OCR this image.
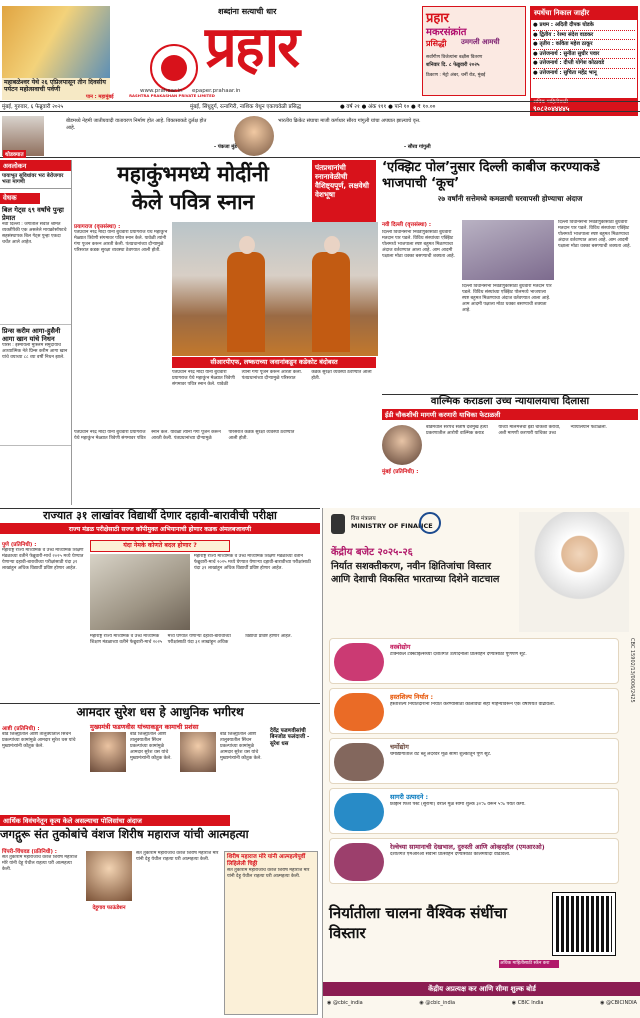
महाबळेश्वर येथे २६ एप्रिलपासून तीन दिवसीय पर्यटन महोत्सवाची पर्वणी
पान : महामुंबई
शब्दांना सत्याची धार
प्रहार
RASHTRA PRAKASHAN PRIVATE LIMITED
www.prahaar.in epaper.prahaar.in
प्रहार
मकरसंक्रांत
प्रसिद्धी उमगली आमची
सर्वांगीण विजेत्यांना बक्षीस वितरण
शनिवार दि. ८ फेब्रुवारी २०२५
ठिकाण : मेट्रो अंबर, चर्नी रोड, मुंबई
स्पर्धेचा निकाल जाहीर
● प्रथम : अदिती दीपक घोडके
● द्वितीय : रेश्मा संदेश वाडकर
● तृतीय : कविता महेश ठाकूर
● उत्तेजनार्थ : सुनीता सुधीर पवार
● उत्तेजनार्थ : दीप्ती योगेश कोठावडे
● उत्तेजनार्थ : सुचिता महेंद्र भानू
अधिक माहितीसाठी
९०८२०४४४४५
मुंबई, गुरुवार, ६ फेब्रुवारी २०२५	मुंबई, सिंधुदुर्ग, रत्नागिरी, नाशिक येथून एकाचवेळी प्रसिद्ध	● वर्ष २१ ● अंक १११ ● पाने १० ● ₹ १०.००
थोडक्यात
बीडमध्ये नेहमी जातीयवादी वातावरण निर्माण होत आहे. विकासाकडे दुर्लक्ष होत आहे.
- पंकजा मुंडे
भारतीय क्रिकेट संघाचा माजी कर्णधार सौरव गांगुली यांचा अपघात झाल्याचे वृत्त.
- सौरव गांगुली
अवलोकन
पायाभूत सुविधांवर भरः बेरोजगार भत्ता मागणी
वेधक
बिल गेट्स ६९ वर्षांचे पुन्हा प्रेमात
नवी दिल्ली : जगातील सर्वात श्रीमंत व्यक्तींपैकी एक असलेले मायक्रोसॉफ्टचे सहसंस्थापक बिल गेट्स पुन्हा एकदा चर्चेत आले आहेत.
प्रिन्स करीम आगा-हुसैनी आगा खान यांचे निधन
पॅरिस : इस्मायली मुस्लिम समुदायाचे आध्यात्मिक नेते प्रिन्स करीम आगा खान यांचे वयाच्या ८८ व्या वर्षी निधन झाले.
महाकुंभमध्ये मोदींनी
केले पवित्र स्नान
पंतप्रधानांची स्नानावेळीची वैशिष्ट्यपूर्ण, लक्षवेधी वेशभूषा
प्रयागराज (वृत्तसंस्था) :
पंतप्रधान नरेंद्र मोदी यांनी बुधवारी प्रयागराज येथे महाकुंभ मेळ्यात त्रिवेणी संगमावर पवित्र स्नान केले. यावेळी त्यांनी गंगा पूजन करून आरती केली. पंतप्रधानांच्या दौऱ्यामुळे परिसरात कडक सुरक्षा व्यवस्था ठेवण्यात आली होती.
सीआरपीएफ, लष्कराच्या जवानांकडून कडेकोट बंदोबस्त
पंतप्रधान नरेंद्र मोदी यांनी बुधवारी प्रयागराज येथे महाकुंभ मेळ्यात त्रिवेणी संगमावर पवित्र स्नान केले. यावेळी त्यांनी गंगा पूजन करून आरती केली. पंतप्रधानांच्या दौऱ्यामुळे परिसरात कडक सुरक्षा व्यवस्था ठेवण्यात आली होती.
पंतप्रधान नरेंद्र मोदी यांनी बुधवारी प्रयागराज येथे महाकुंभ मेळ्यात त्रिवेणी संगमावर पवित्र स्नान केले. यावेळी त्यांनी गंगा पूजन करून आरती केली. पंतप्रधानांच्या दौऱ्यामुळे परिसरात कडक सुरक्षा व्यवस्था ठेवण्यात आली होती.
‘एक्झिट पोल’नुसार दिल्ली काबीज करण्याकडे भाजपाची ‘कूच’
२७ वर्षांनी सत्तेमध्ये कमळाची घरवापसी होण्याचा अंदाज
नवी दिल्ली (वृत्तसंस्था) :
दिल्ली विधानसभा निवडणुकीसाठी बुधवारी मतदान पार पडले. विविध संस्थांच्या एक्झिट पोलमध्ये भाजपाला स्पष्ट बहुमत मिळण्याचा अंदाज वर्तवण्यात आला आहे. आम आदमी पक्षाला मोठा धक्का बसण्याची शक्यता आहे.
दिल्ली विधानसभा निवडणुकीसाठी बुधवारी मतदान पार पडले. विविध संस्थांच्या एक्झिट पोलमध्ये भाजपाला स्पष्ट बहुमत मिळण्याचा अंदाज वर्तवण्यात आला आहे. आम आदमी पक्षाला मोठा धक्का बसण्याची शक्यता आहे.
दिल्ली विधानसभा निवडणुकीसाठी बुधवारी मतदान पार पडले. विविध संस्थांच्या एक्झिट पोलमध्ये भाजपाला स्पष्ट बहुमत मिळण्याचा अंदाज वर्तवण्यात आला आहे. आम आदमी पक्षाला मोठा धक्का बसण्याची शक्यता आहे.
वाल्मिक कराडला उच्च न्यायालयाचा दिलासा
ईडी चौकशीची मागणी करणारी याचिका फेटाळली
मुंबई (प्रतिनिधी) :
बीडमधील सरपंच संतोष देशमुख हत्या प्रकरणातील आरोपी वाल्मिक कराड याच्या मालमत्तेची ईडी चौकशी करावी, अशी मागणी करणारी याचिका उच्च न्यायालयाने फेटाळली.
राज्यात ३१ लाखांवर विद्यार्थी देणार दहावी-बारावीची परीक्षा
राज्य मंडळ परीक्षेसाठी सज्ज कॉपीमुक्त अभियानाची होणार कडक अंमलबजावणी
पुणे (प्रतिनिधी) :
महाराष्ट्र राज्य माध्यमिक व उच्च माध्यमिक शिक्षण मंडळाच्या वतीने फेब्रुवारी-मार्च २०२५ मध्ये घेण्यात येणाऱ्या दहावी-बारावीच्या परीक्षांसाठी यंदा ३१ लाखांहून अधिक विद्यार्थी प्रविष्ट होणार आहेत.
यंदा नेमके कोणते बदल होणार ?
महाराष्ट्र राज्य माध्यमिक व उच्च माध्यमिक शिक्षण मंडळाच्या वतीने फेब्रुवारी-मार्च २०२५ मध्ये घेण्यात येणाऱ्या दहावी-बारावीच्या परीक्षांसाठी यंदा ३१ लाखांहून अधिक विद्यार्थी प्रविष्ट होणार आहेत.
महाराष्ट्र राज्य माध्यमिक व उच्च माध्यमिक शिक्षण मंडळाच्या वतीने फेब्रुवारी-मार्च २०२५ मध्ये घेण्यात येणाऱ्या दहावी-बारावीच्या परीक्षांसाठी यंदा ३१ लाखांहून अधिक विद्यार्थी प्रविष्ट होणार आहेत.
आमदार सुरेश धस हे आधुनिक भगीरथ
मुख्यमंत्री फडणवीस यांच्याकडून कामाची प्रशंसा
आष्टी (प्रतिनिधी) :
बीड जिल्ह्यातील आष्टी तालुक्यातील सिंचन प्रकल्पांच्या कामांमुळे आमदार सुरेश धस यांचे मुख्यमंत्र्यांनी कौतुक केले.
बीड जिल्ह्यातील आष्टी तालुक्यातील सिंचन प्रकल्पांच्या कामांमुळे आमदार सुरेश धस यांचे मुख्यमंत्र्यांनी कौतुक केले.
बीड जिल्ह्यातील आष्टी तालुक्यातील सिंचन प्रकल्पांच्या कामांमुळे आमदार सुरेश धस यांचे मुख्यमंत्र्यांनी कौतुक केले.
देवेंद्र फडणवीसांची बिनजोड फलंदाजी - सुरेश धस
आर्थिक विवंचनेतून कृत्य केले असल्याचा पोलिसांचा अंदाज
जगद्गुरू संत तुकोबांचे वंशज शिरीष महाराज यांची आत्महत्या
पिंपरी-चिंचवड (प्रतिनिधी) :
संत तुकाराम महाराजांचे वंशज शिरीष महाराज मोरे यांनी देहू येथील राहत्या घरी आत्महत्या केली.
देहूगाव फाऊंडेशन
संत तुकाराम महाराजांचे वंशज शिरीष महाराज मोरे यांनी देहू येथील राहत्या घरी आत्महत्या केली.	शिरीष महाराज मोरे यांनी आत्महत्येपूर्वी लिहिलेली चिठ्ठी
संत तुकाराम महाराजांचे वंशज शिरीष महाराज मोरे यांनी देहू येथील राहत्या घरी आत्महत्या केली.
वित्त मंत्रालय
MINISTRY OF FINANCE
केंद्रीय बजेट २०२५-२६
निर्यात सशक्तीकरण, नवीन क्षितिजांचा विस्तार आणि देशाची विकसित भारताच्या दिशेने वाटचाल
वस्त्रोद्योग
टेक्निकल टेक्स्टाइल्सच्या देशांतर्गत उत्पादनाला प्रोत्साहन देण्यासाठी पूर्णपणे सूट.
हस्तशिल्प निर्यात :
हस्तशिल्प निर्यातदारांना निर्यात करण्यासाठी कालावधी सहा महिन्यांवरून एक वर्षापर्यंत वाढविला.
चर्मोद्योग
चर्मोद्योगातील वेट ब्लू लेदरवर मूळ सीमा शुल्कातून पूर्ण सूट.
सागरी उत्पादने :
फ्रोझन फिश पेस्ट (सुरीमी) वरील मूळ सीमा शुल्क ३०% वरून ५% पर्यंत कमी.
रेल्वेच्या सामानाची देखभाल, दुरुस्ती आणि ओव्हरहॉल (एमआरओ)
देशांतर्गत एमआरओ सेवांना प्रोत्साहन देण्यासाठी कालमर्यादा वाढविली.
निर्यातीला चालना वैश्विक संधींचा विस्तार
अधिक माहितीसाठी स्कॅन करा
केंद्रीय अप्रत्यक्ष कर आणि सीमा शुल्क बोर्ड
◉ @cbic_india	◉ @cbic_india	◉ CBIC India	◉ @CBICINDIA
CBC 15902/13/0006/2425
